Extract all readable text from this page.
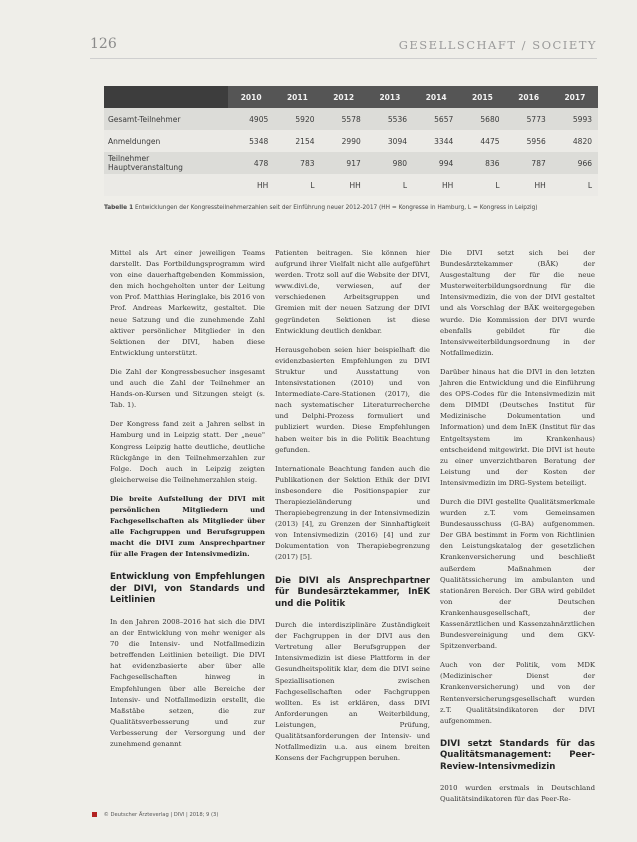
126	GESELLSCHAFT / SOCIETY
	2010	2011	2012	2013	2014	2015	2016	2017
Gesamt-Teilnehmer	4905	5920	5578	5536	5657	5680	5773	5993
Anmeldungen	5348	2154	2990	3094	3344	4475	5956	4820
Teilnehmer Hauptveranstaltung	478	783	917	980	994	836	787	966
	HH	L	HH	L	HH	L	HH	L
Tabelle 1 Entwicklungen der Kongressteilnehmerzahlen seit der Einführung neuer 2012-2017 (HH = Kongresse in Hamburg, L = Kongress in Leipzig)

Mittel als Art einer jeweiligen Teams darstellt. Das Fortbildungsprogramm wird von eine dauerhaftgebenden Kommission, den mich hochgeholten unter der Leitung von Prof. Matthias Heringlake, bis 2016 von Prof. Andreas Markewitz, gestaltet. Die neue Satzung und die zunehmende Zahl aktiver persönlicher Mitglieder in den Sektionen der DIVI, haben diese Entwicklung unterstützt.

Die Zahl der Kongressbesucher insgesamt und auch die Zahl der Teilnehmer an Hands-on-Kursen und Sitzungen steigt (s. Tab. 1).

Der Kongress fand zeit a Jahren selbst in Hamburg und in Leipzig statt. Der „neue" Kongress Leipzig hatte deutliche, deutliche Rückgänge in den Teilnehmerzahlen zur Folge. Doch auch in Leipzig zeigten gleicherweise die Teilnehmerzahlen steig.

Die breite Aufstellung der DIVI mit persönlichen Mitgliedern und Fachgesellschaften als Mitglieder über alle Fachgruppen und Berufsgruppen macht die DIVI zum Ansprechpartner für alle Fragen der Intensivmedizin.

Entwicklung von Empfehlungen der DIVI, von Standards und Leitlinien

In den Jahren 2008–2016 hat sich die DIVI an der Entwicklung von mehr weniger als 70 die Intensiv- und Notfallmedizin betreffenden Leitlinien beteiligt. Die DIVI hat evidenzbasierte aber über alle Fachgesellschaften hinweg in Empfehlungen über alle Bereiche der Intensiv- und Notfallmedizin erstellt, die Maßstäbe setzen, die zur Qualitätsverbesserung und zur Verbesserung der Versorgung und der zunehmend genannt

Patienten beitragen. Sie können hier aufgrund ihrer Vielfalt nicht alle aufgeführt werden. Trotz soll auf die Website der DIVI, www.divi.de, verwiesen, auf der verschiedenen Arbeitsgruppen und Gremien mit der neuen Satzung der DIVI gegründeten Sektionen ist diese Entwicklung deutlich denkbar.

Herausgehoben seien hier beispielhaft die evidenzbasierten Empfehlungen zu DIVI Struktur und Ausstattung von Intensivstationen (2010) und von Intermediate-Care-Stationen (2017), die nach systematischer Literaturrecherche und Delphi-Prozess formuliert und publiziert wurden. Diese Empfehlungen haben weiter bis in die Politik Beachtung gefunden.

Internationale Beachtung fanden auch die Publikationen der Sektion Ethik der DIVI insbesondere die Positionspapier zur Therapiezieländerung und Therapiebegrenzung in der Intensivmedizin (2013) [4], zu Grenzen der Sinnhaftigkeit von Intensivmedizin (2016) [4] und zur Dokumentation von Therapiebegrenzung (2017) [5].

Die DIVI als Ansprechpartner für Bundesärztekammer, InEK und die Politik

Durch die interdisziplinäre Zuständigkeit der Fachgruppen in der DIVI aus den Vertretung aller Berufsgruppen der Intensivmedizin ist diese Plattform in der Gesundheitspolitik klar, dem die DIVI seine Speziallisationen zwischen Fachgesellschaften oder Fachgruppen wollten. Es ist erklären, dass DIVI Anforderungen an Weiterbildung, Leistungen, Prüfung, Qualitätsanforderungen der Intensiv- und Notfallmedizin u.a. aus einem breiten Konsens der Fachgruppen beruhen.

Die DIVI setzt sich bei der Bundesärztekammer (BÄK) der Ausgestaltung der für die neue Musterweiterbildungsordnung für die Intensivmedizin, die von der DIVI gestaltet und als Vorschlag der BÄK weitergegeben wurde. Die Kommission der DIVI wurde ebenfalls gebildet für die Intensivweiterbildungsordnung in der Notfallmedizin.

Darüber hinaus hat die DIVI in den letzten Jahren die Entwicklung und die Einführung des OPS-Codes für die Intensivmedizin mit dem DIMDI (Deutsches Institut für Medizinische Dokumentation und Information) und dem InEK (Institut für das Entgeltsystem im Krankenhaus) entscheidend mitgewirkt. Die DIVI ist heute zu einer unverzichtbaren Beratung der Leistung und der Kosten der Intensivmedizin im DRG-System beteiligt.

Durch die DIVI gestellte Qualitätsmerkmale wurden z.T. vom Gemeinsamen Bundesausschuss (G-BA) aufgenommen. Der GBA bestimmt in Form von Richtlinien den Leistungskatalog der gesetzlichen Krankenversicherung und beschließt außerdem Maßnahmen der Qualitätssicherung im ambulanten und stationären Bereich. Der GBA wird gebildet von der Deutschen Krankenhausgesellschaft, der Kassenärztlichen und Kassenzahnärztlichen Bundesvereinigung und dem GKV-Spitzenverband.

Auch von der Politik, vom MDK (Medizinischer Dienst der Krankenversicherung) und von der Rentenversicherungsgesellschaft wurden z.T. Qualitätsindikatoren der DIVI aufgenommen.

DIVI setzt Standards für das Qualitätsmanagement: Peer-Review-Intensivmedizin

2010 wurden erstmals in Deutschland Qualitätsindikatoren für das Peer-Re-

© Deutscher Ärzteverlag | DIVI | 2018; 9 (3)
